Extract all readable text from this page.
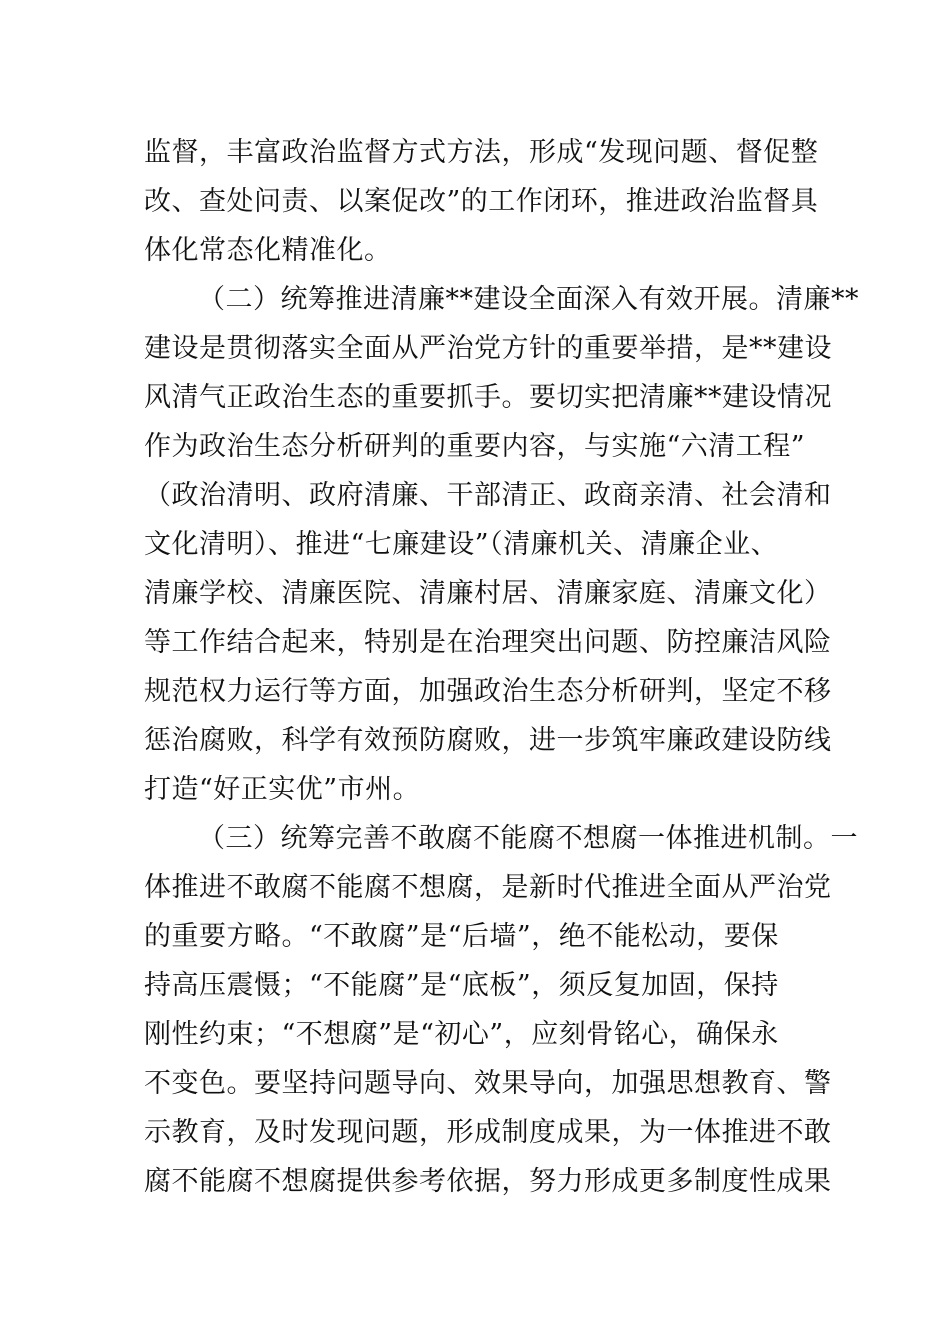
监督，丰富政治监督方式方法，形成“发现问题、督促整
改、查处问责、以案促改”的工作闭环，推进政治监督具
体化常态化精准化。
（二）统筹推进清廉**建设全面深入有效开展。清廉**
建设是贯彻落实全面从严治党方针的重要举措，是**建设
风清气正政治生态的重要抓手。要切实把清廉**建设情况
作为政治生态分析研判的重要内容，与实施“六清工程”
（政治清明、政府清廉、干部清正、政商亲清、社会清和
文化清明）、推进“七廉建设”（清廉机关、清廉企业、
清廉学校、清廉医院、清廉村居、清廉家庭、清廉文化）
等工作结合起来，特别是在治理突出问题、防控廉洁风险
规范权力运行等方面，加强政治生态分析研判，坚定不移
惩治腐败，科学有效预防腐败，进一步筑牢廉政建设防线
打造“好正实优”市州。
（三）统筹完善不敢腐不能腐不想腐一体推进机制。一
体推进不敢腐不能腐不想腐，是新时代推进全面从严治党
的重要方略。“不敢腐”是“后墙”，绝不能松动，要保
持高压震慑；“不能腐”是“底板”，须反复加固，保持
刚性约束；“不想腐”是“初心”，应刻骨铭心，确保永
不变色。要坚持问题导向、效果导向，加强思想教育、警
示教育，及时发现问题，形成制度成果，为一体推进不敢
腐不能腐不想腐提供参考依据，努力形成更多制度性成果
